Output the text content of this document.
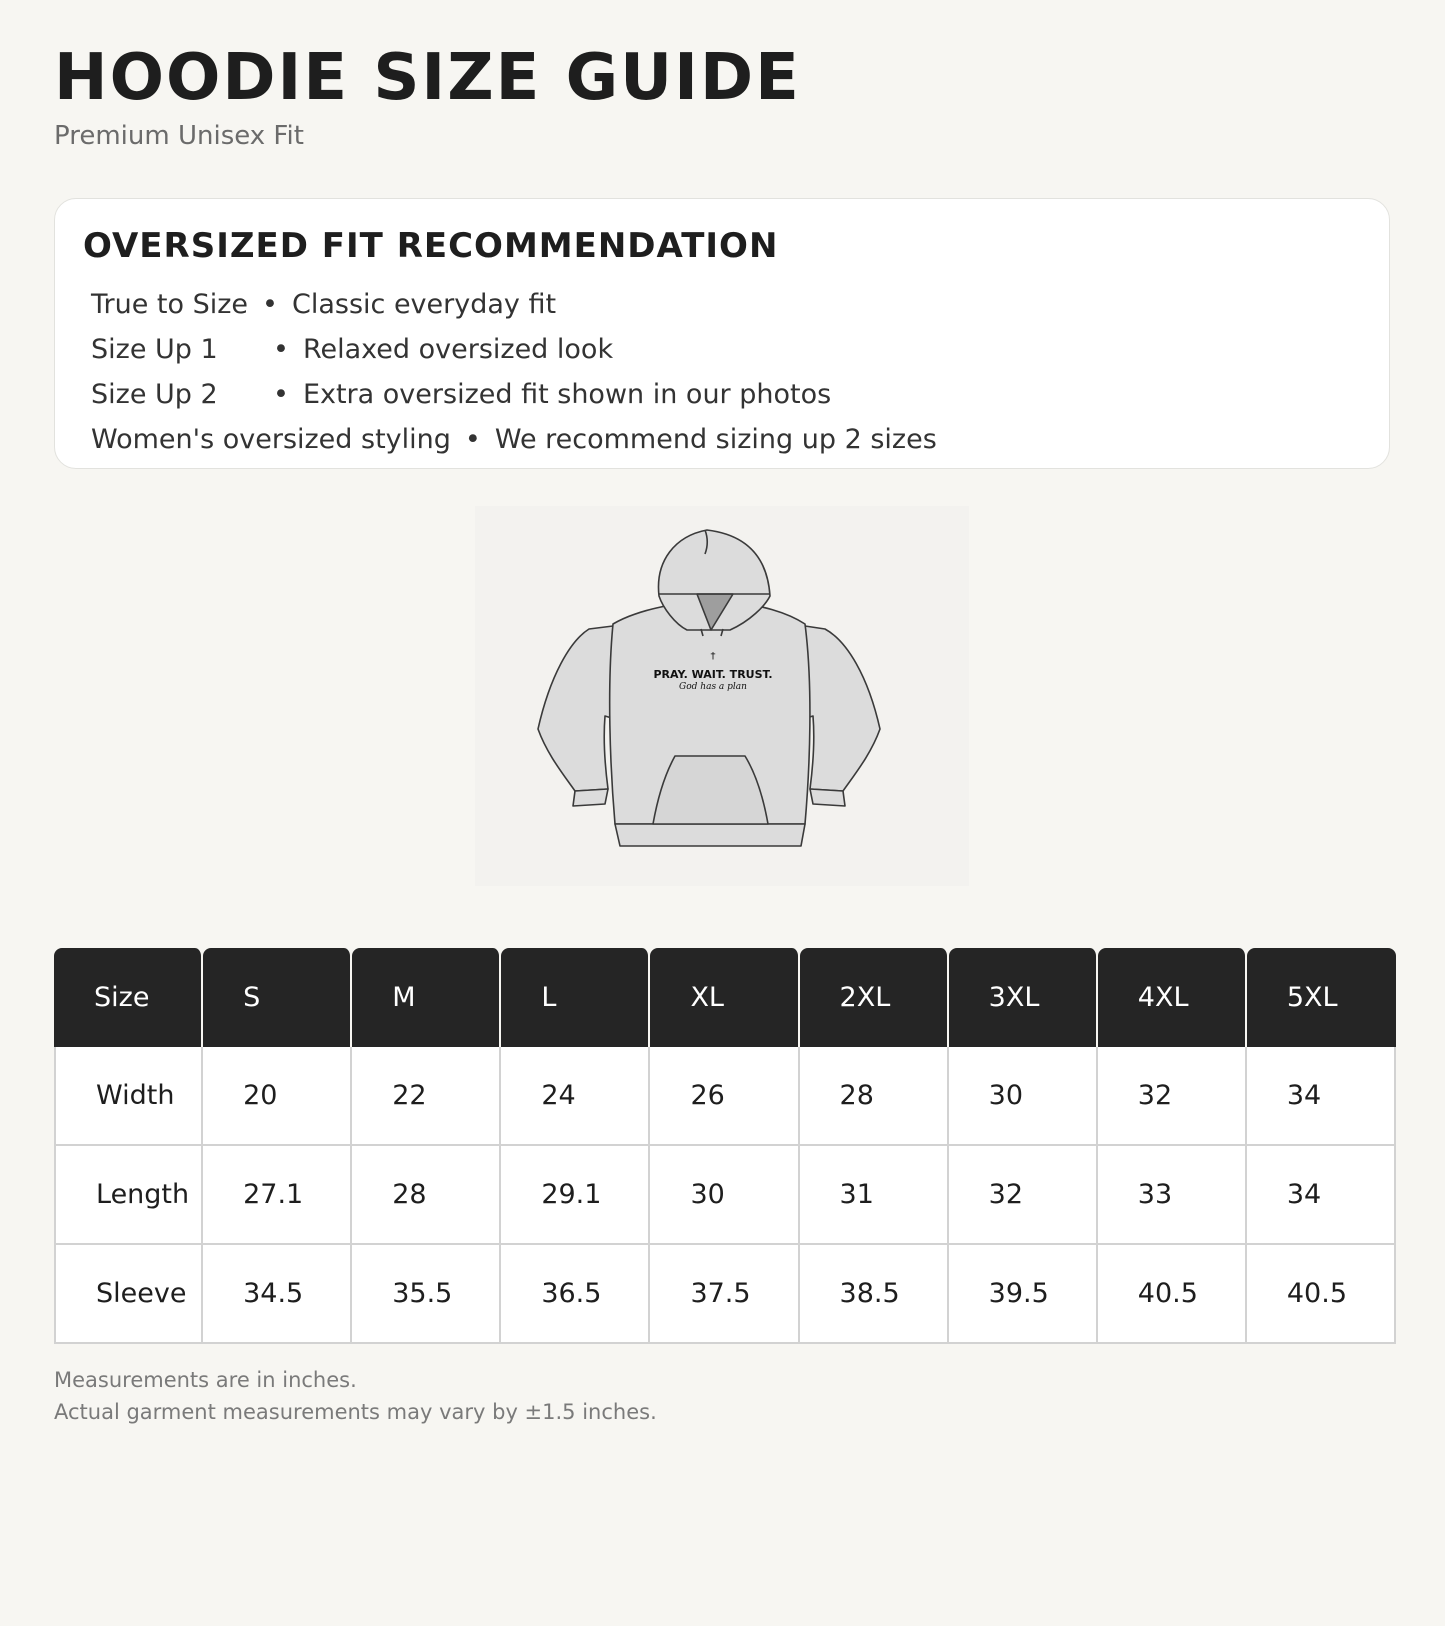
HOODIE SIZE GUIDE
Premium Unisex Fit
OVERSIZED FIT RECOMMENDATION
True to Size • Classic everyday fit
Size Up 1 • Relaxed oversized look
Size Up 2 • Extra oversized fit shown in our photos
Women's oversized styling • We recommend sizing up 2 sizes
†
PRAY. WAIT. TRUST.
God has a plan
Size	S	M	L	XL	2XL	3XL	4XL	5XL
Width	20	22	24	26	28	30	32	34
Length	27.1	28	29.1	30	31	32	33	34
Sleeve	34.5	35.5	36.5	37.5	38.5	39.5	40.5	40.5
Measurements are in inches.
Actual garment measurements may vary by ±1.5 inches.
